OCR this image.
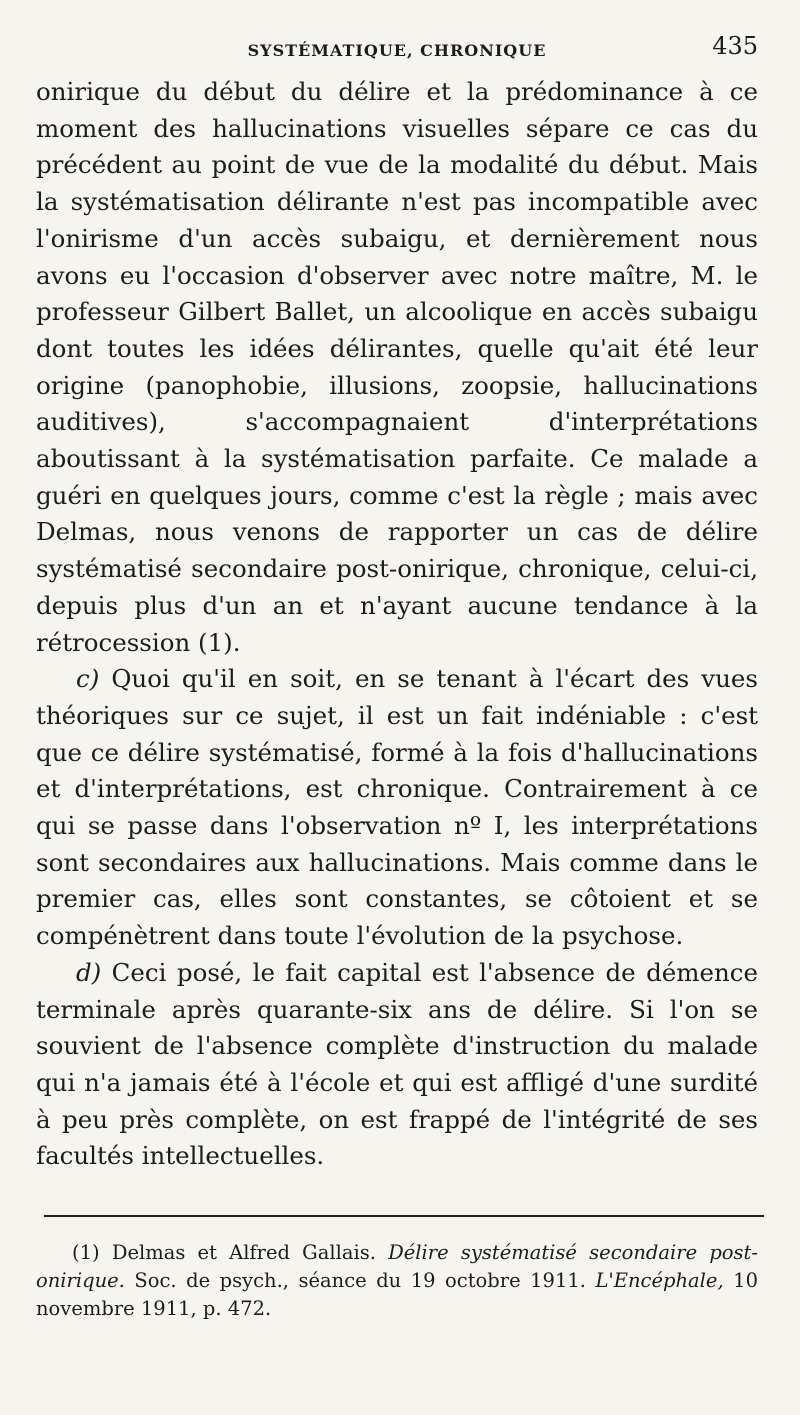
SYSTÉMATIQUE, CHRONIQUE	435

onirique du début du délire et la prédominance à ce moment des hallucinations visuelles sépare ce cas du précédent au point de vue de la modalité du début. Mais la systématisation délirante n'est pas incompatible avec l'onirisme d'un accès subaigu, et dernièrement nous avons eu l'occasion d'observer avec notre maître, M. le professeur Gilbert Ballet, un alcoolique en accès subaigu dont toutes les idées délirantes, quelle qu'ait été leur origine (panophobie, illusions, zoopsie, hallucinations auditives), s'accompagnaient d'interprétations aboutissant à la systématisation parfaite. Ce malade a guéri en quelques jours, comme c'est la règle ; mais avec Delmas, nous venons de rapporter un cas de délire systématisé secondaire post-onirique, chronique, celui-ci, depuis plus d'un an et n'ayant aucune tendance à la rétrocession (1).

c) Quoi qu'il en soit, en se tenant à l'écart des vues théoriques sur ce sujet, il est un fait indéniable : c'est que ce délire systématisé, formé à la fois d'hallucinations et d'interprétations, est chronique. Contrairement à ce qui se passe dans l'observation nº I, les interprétations sont secondaires aux hallucinations. Mais comme dans le premier cas, elles sont constantes, se côtoient et se compénètrent dans toute l'évolution de la psychose.

d) Ceci posé, le fait capital est l'absence de démence terminale après quarante-six ans de délire. Si l'on se souvient de l'absence complète d'instruction du malade qui n'a jamais été à l'école et qui est affligé d'une surdité à peu près complète, on est frappé de l'intégrité de ses facultés intellectuelles.

(1) Delmas et Alfred Gallais. Délire systématisé secondaire post-onirique. Soc. de psych., séance du 19 octobre 1911. L'Encéphale, 10 novembre 1911, p. 472.
